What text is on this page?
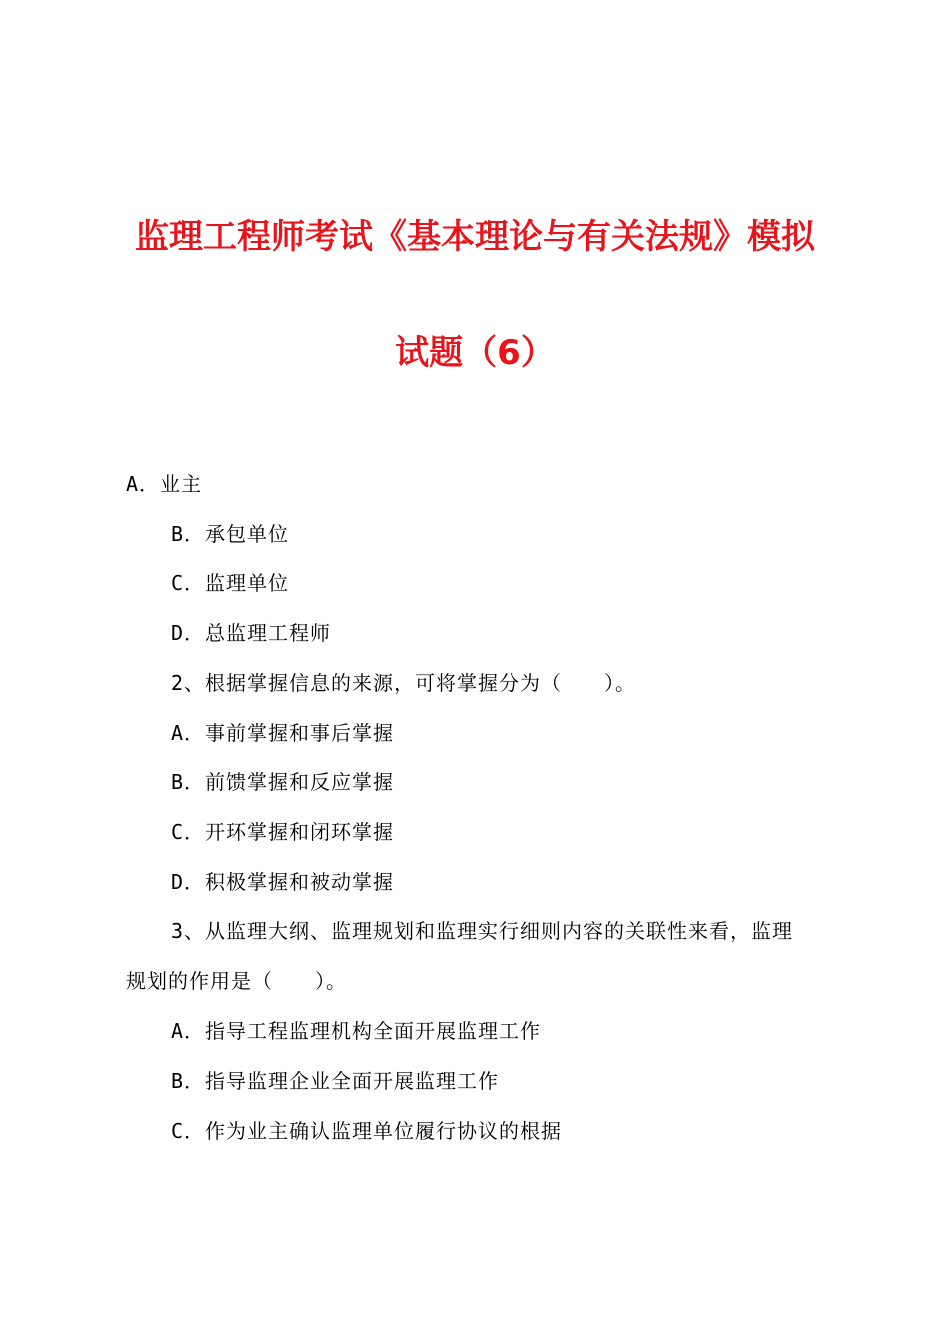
监理工程师考试《基本理论与有关法规》模拟
试题（6）
A．业主
B．承包单位
C．监理单位
D．总监理工程师
2、根据掌握信息的来源，可将掌握分为（　　）。
A．事前掌握和事后掌握
B．前馈掌握和反应掌握
C．开环掌握和闭环掌握
D．积极掌握和被动掌握
3、从监理大纲、监理规划和监理实行细则内容的关联性来看，监理
规划的作用是（　　）。
A．指导工程监理机构全面开展监理工作
B．指导监理企业全面开展监理工作
C．作为业主确认监理单位履行协议的根据
